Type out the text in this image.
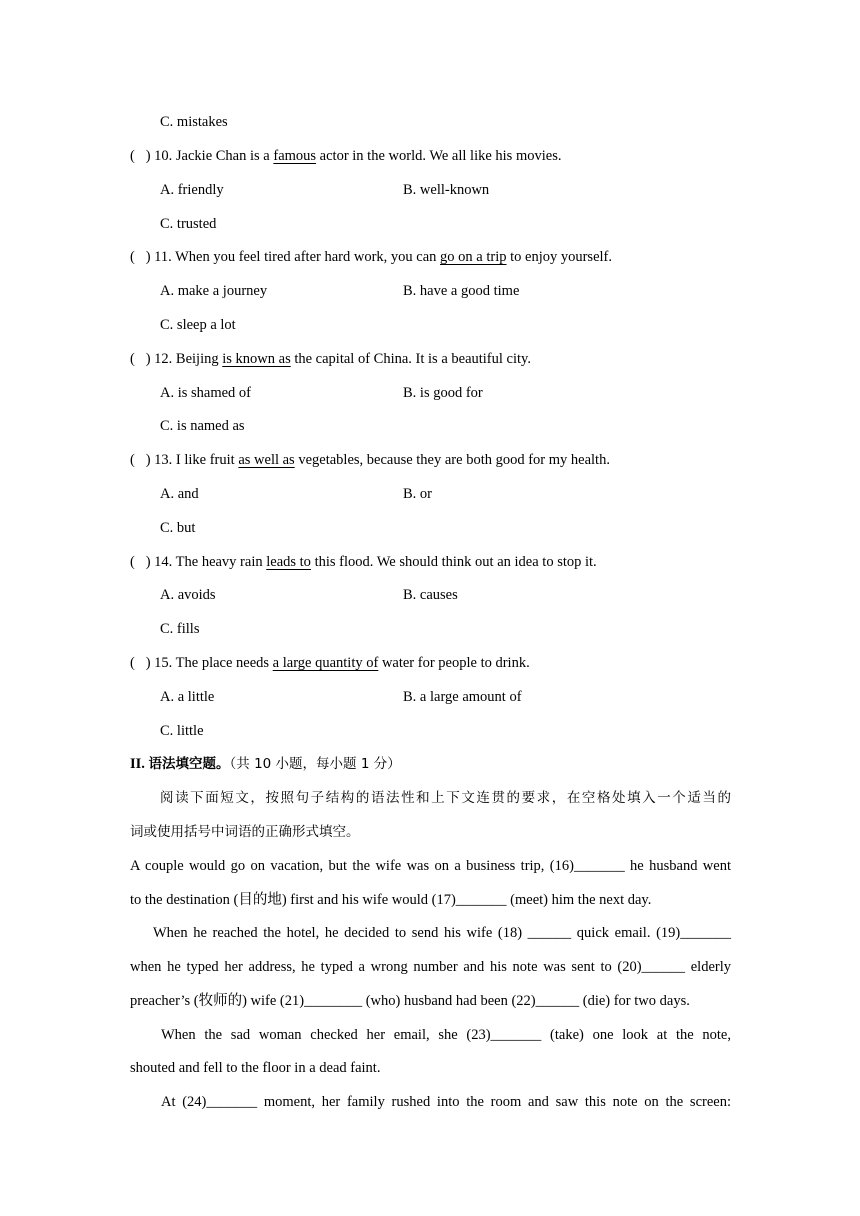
C. mistakes
(   ) 10. Jackie Chan is a famous actor in the world. We all like his movies.
A. friendly	B. well-known
C. trusted
(   ) 11. When you feel tired after hard work, you can go on a trip to enjoy yourself.
A. make a journey	B. have a good time
C. sleep a lot
(   ) 12. Beijing is known as the capital of China. It is a beautiful city.
A. is shamed of	B. is good for
C. is named as
(   ) 13. I like fruit as well as vegetables, because they are both good for my health.
A. and	B. or
C. but
(   ) 14. The heavy rain leads to this flood. We should think out an idea to stop it.
A. avoids	B. causes
C. fills
(   ) 15. The place needs a large quantity of water for people to drink.
A. a little	B. a large amount of
C. little
II. 语法填空题。（共 10 小题，每小题 1 分）
阅读下面短文，按照句子结构的语法性和上下文连贯的要求，在空格处填入一个适当的
词或使用括号中词语的正确形式填空。
A couple would go on vacation, but the wife was on a business trip, (16)_______ he husband went
to the destination (目的地) first and his wife would (17)_______ (meet) him the next day.
When he reached the hotel, he decided to send his wife (18) ______ quick email. (19)_______
when he typed her address, he typed a wrong number and his note was sent to (20)______ elderly
preacher’s (牧师的) wife (21)________ (who) husband had been (22)______ (die) for two days.
When the sad woman checked her email, she (23)_______ (take) one look at the note,
shouted and fell to the floor in a dead faint.
At (24)_______ moment, her family rushed into the room and saw this note on the screen:
